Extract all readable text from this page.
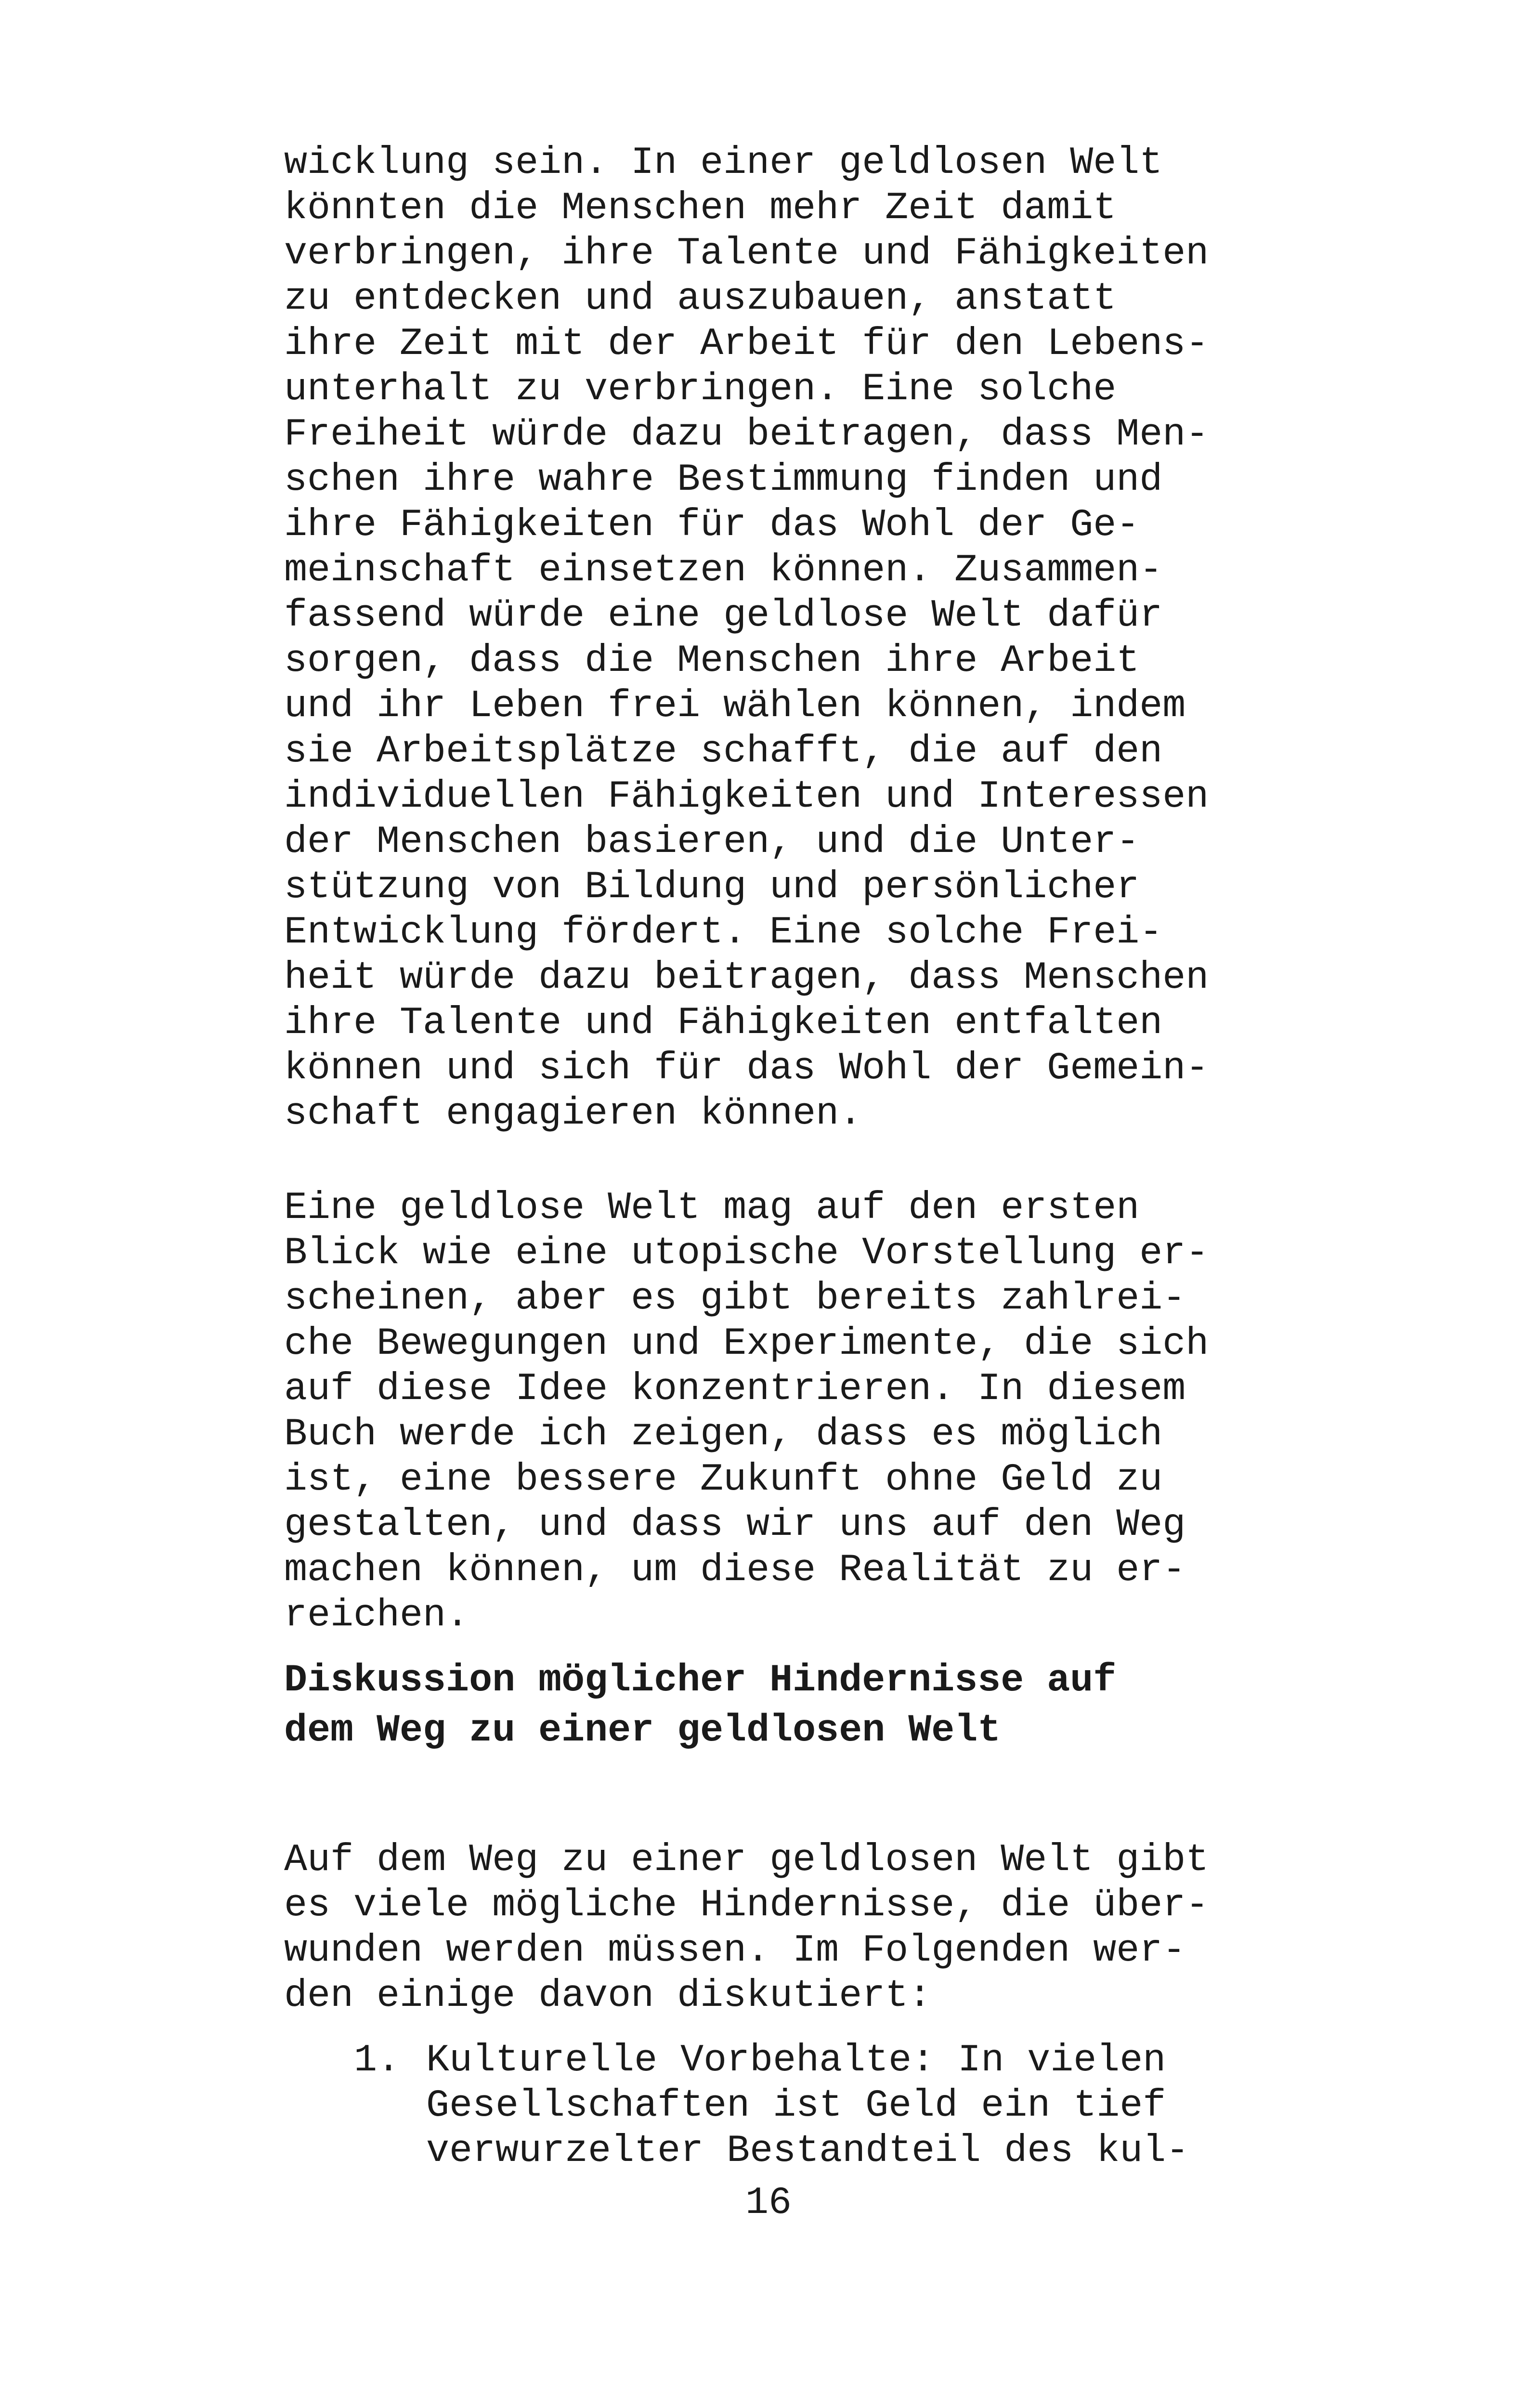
wicklung sein. In einer geldlosen Welt
könnten die Menschen mehr Zeit damit
verbringen, ihre Talente und Fähigkeiten
zu entdecken und auszubauen, anstatt
ihre Zeit mit der Arbeit für den Lebens-
unterhalt zu verbringen. Eine solche
Freiheit würde dazu beitragen, dass Men-
schen ihre wahre Bestimmung finden und
ihre Fähigkeiten für das Wohl der Ge-
meinschaft einsetzen können. Zusammen-
fassend würde eine geldlose Welt dafür
sorgen, dass die Menschen ihre Arbeit
und ihr Leben frei wählen können, indem
sie Arbeitsplätze schafft, die auf den
individuellen Fähigkeiten und Interessen
der Menschen basieren, und die Unter-
stützung von Bildung und persönlicher
Entwicklung fördert. Eine solche Frei-
heit würde dazu beitragen, dass Menschen
ihre Talente und Fähigkeiten entfalten
können und sich für das Wohl der Gemein-
schaft engagieren können.
Eine geldlose Welt mag auf den ersten
Blick wie eine utopische Vorstellung er-
scheinen, aber es gibt bereits zahlrei-
che Bewegungen und Experimente, die sich
auf diese Idee konzentrieren. In diesem
Buch werde ich zeigen, dass es möglich
ist, eine bessere Zukunft ohne Geld zu
gestalten, und dass wir uns auf den Weg
machen können, um diese Realität zu er-
reichen.
Diskussion möglicher Hindernisse auf
dem Weg zu einer geldlosen Welt
Auf dem Weg zu einer geldlosen Welt gibt
es viele mögliche Hindernisse, die über-
wunden werden müssen. Im Folgenden wer-
den einige davon diskutiert:
1. Kulturelle Vorbehalte: In vielen
Gesellschaften ist Geld ein tief
verwurzelter Bestandteil des kul-
16
